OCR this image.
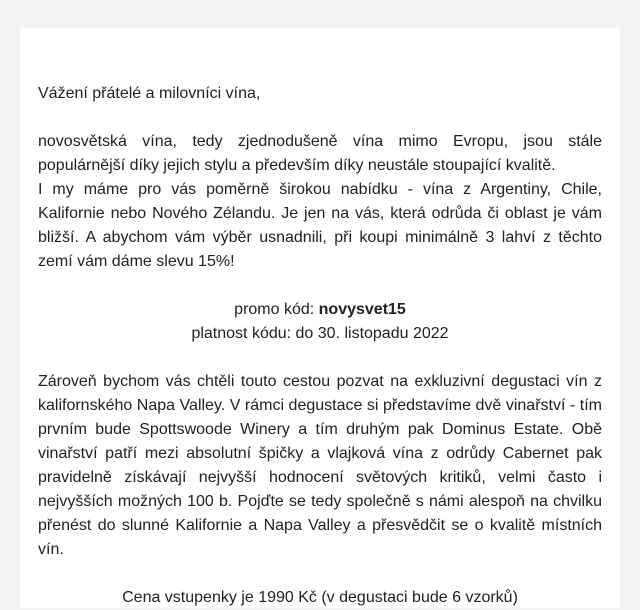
Vážení přátelé a milovníci vína,

novosvětská vína, tedy zjednodušeně vína mimo Evropu, jsou stále populárnější díky jejich stylu a především díky neustále stoupající kvalitě.

I my máme pro vás poměrně širokou nabídku - vína z Argentiny, Chile, Kalifornie nebo Nového Zélandu. Je jen na vás, která odrůda či oblast je vám bližší. A abychom vám výběr usnadnili, při koupi minimálně 3 lahví z těchto zemí vám dáme slevu 15%!

promo kód: novysvet15

platnost kódu: do 30. listopadu 2022

Zároveň bychom vás chtěli touto cestou pozvat na exkluzivní degustaci vín z kalifornského Napa Valley. V rámci degustace si představíme dvě vinařství - tím prvním bude Spottswoode Winery a tím druhým pak Dominus Estate. Obě vinařství patří mezi absolutní špičky a vlajková vína z odrůdy Cabernet pak pravidelně získávají nejvyšší hodnocení světových kritiků, velmi často i nejvyšších možných 100 b. Pojďte se tedy společně s námi alespoň na chvilku přenést do slunné Kalifornie a Napa Valley a přesvědčit se o kvalitě místních vín.

Cena vstupenky je 1990 Kč (v degustaci bude 6 vzorků)
